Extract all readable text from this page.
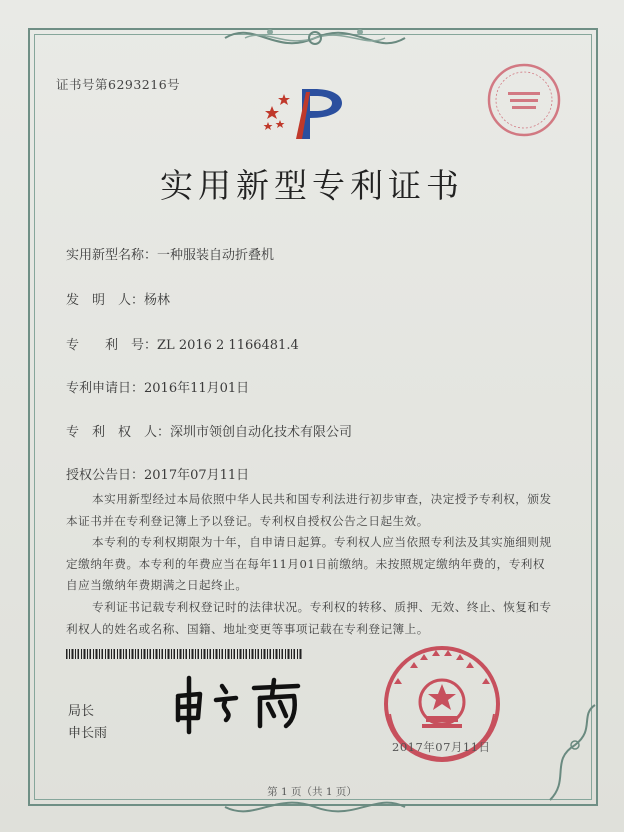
证书号第6293216号
实用新型专利证书
实用新型名称：一种服装自动折叠机
发　明　人：杨林
专　　利　号：ZL 2016 2 1166481.4
专利申请日：2016年11月01日
专　利　权　人：深圳市领创自动化技术有限公司
授权公告日：2017年07月11日
本实用新型经过本局依照中华人民共和国专利法进行初步审查，决定授予专利权，颁发本证书并在专利登记簿上予以登记。专利权自授权公告之日起生效。
本专利的专利权期限为十年，自申请日起算。专利权人应当依照专利法及其实施细则规定缴纳年费。本专利的年费应当在每年11月01日前缴纳。未按照规定缴纳年费的，专利权自应当缴纳年费期满之日起终止。
专利证书记载专利权登记时的法律状况。专利权的转移、质押、无效、终止、恢复和专利权人的姓名或名称、国籍、地址变更等事项记载在专利登记簿上。
局长
申长雨
2017年07月11日
第 1 页（共 1 页）
